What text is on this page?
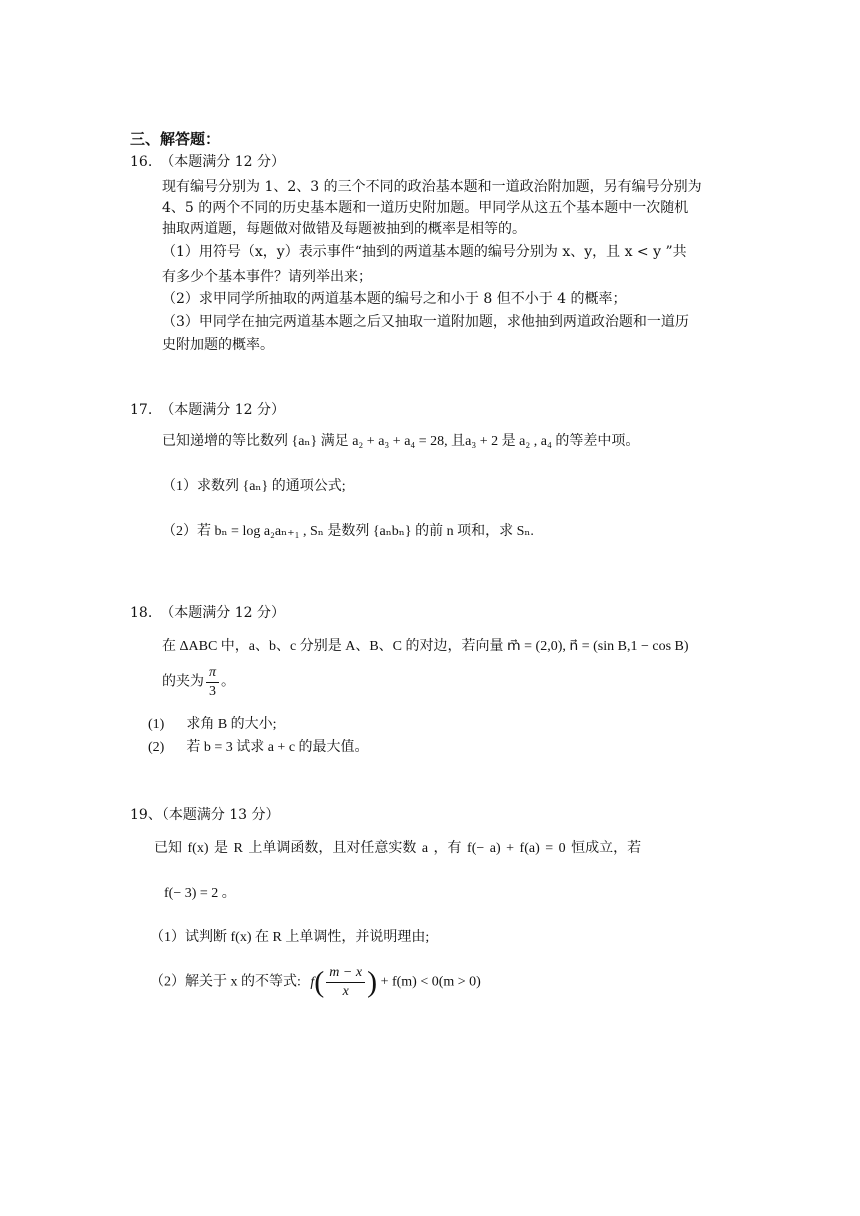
三、解答题：
16. （本题满分 12 分）
现有编号分别为 1、2、3 的三个不同的政治基本题和一道政治附加题，另有编号分别为
4、5 的两个不同的历史基本题和一道历史附加题。甲同学从这五个基本题中一次随机
抽取两道题，每题做对做错及每题被抽到的概率是相等的。
（1）用符号（x，y）表示事件“抽到的两道基本题的编号分别为 x、y，且 x < y ”共
有多少个基本事件？请列举出来；
（2）求甲同学所抽取的两道基本题的编号之和小于 8 但不小于 4 的概率；
（3）甲同学在抽完两道基本题之后又抽取一道附加题，求他抽到两道政治题和一道历
史附加题的概率。
17. （本题满分 12 分）
已知递增的等比数列 {aₙ} 满足 a₂ + a₃ + a₄ = 28, 且a₃ + 2 是 a₂ , a₄ 的等差中项。
（1）求数列 {aₙ} 的通项公式;
（2）若 bₙ = log a₂aₙ₊₁ , Sₙ 是数列 {aₙbₙ} 的前 n 项和，求 Sₙ.
18. （本题满分 12 分）
在 ΔABC 中，a、b、c 分别是 A、B、C 的对边，若向量 m⃗ = (2,0), n⃗ = (sin B,1 − cos B)
的夹为 $\frac{\pi}{3}$ 。
(1) 求角 B 的大小;
(2) 若 b = 3 试求 a + c 的最大值。
19、（本题满分 13 分）
已知 f(x) 是 R 上单调函数，且对任意实数 a ，有 f(− a) + f(a) = 0 恒成立，若
f(− 3) = 2 。
（1）试判断 f(x) 在 R 上单调性，并说明理由;
（2）解关于 x 的不等式: $f( \frac{m - x}{x}$ ) + f(m) < 0(m > 0)
